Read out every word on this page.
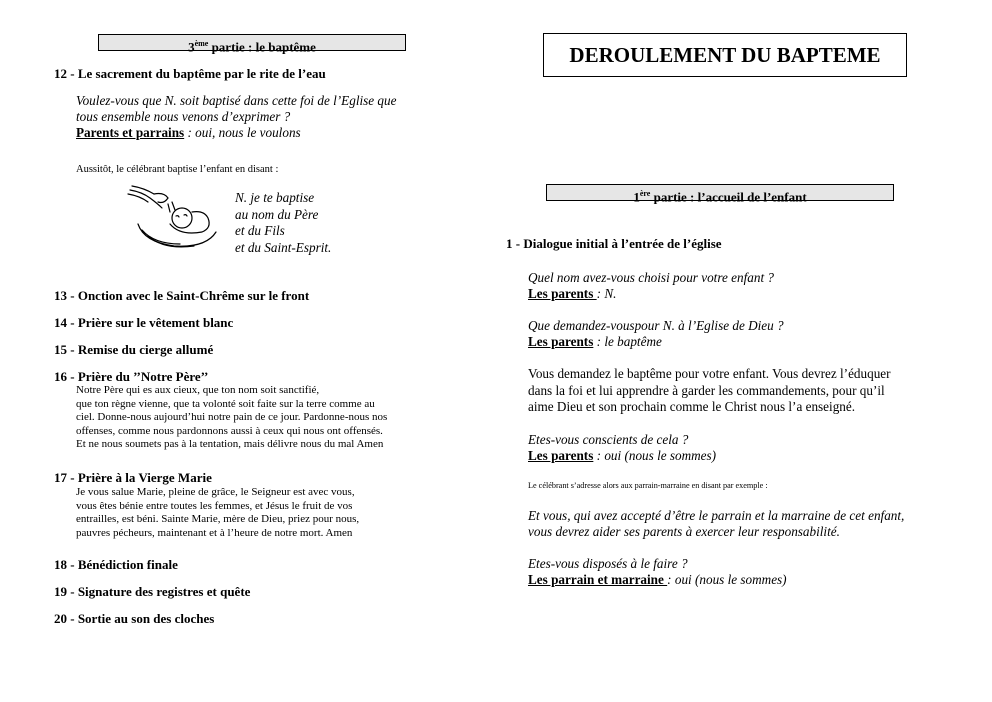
3ème partie : le baptême
12 - Le sacrement du baptême par le rite de l’eau
Voulez-vous que N. soit baptisé dans cette foi de l’Eglise que
tous ensemble nous venons d’exprimer ?
Parents et parrains : oui, nous le voulons
Aussitôt, le célébrant baptise l’enfant en disant :
N. je te baptise
au nom du Père
et du Fils
et du Saint-Esprit.
13 - Onction avec le Saint-Chrême sur le front
14 - Prière sur le vêtement blanc
15 - Remise du cierge allumé
16 - Prière du ’’Notre Père’’
Notre Père qui es aux cieux, que ton nom soit sanctifié,
que ton règne vienne, que ta volonté soit faite sur la terre comme au
ciel. Donne-nous aujourd’hui notre pain de ce jour. Pardonne-nous nos
offenses, comme nous pardonnons aussi à ceux qui nous ont offensés.
Et ne nous soumets pas à la tentation, mais délivre nous du mal Amen
17 - Prière à la Vierge Marie
Je vous salue Marie, pleine de grâce, le Seigneur est avec vous,
vous êtes bénie entre toutes les femmes, et Jésus le fruit de vos
entrailles, est béni. Sainte Marie, mère de Dieu, priez pour nous,
pauvres pécheurs, maintenant et à l’heure de notre mort. Amen
18 - Bénédiction finale
19 - Signature des registres et quête
20 - Sortie au son des cloches
DEROULEMENT DU BAPTEME
1ère partie : l’accueil de l’enfant
1 - Dialogue initial à l’entrée de l’église
Quel nom avez-vous choisi pour votre enfant ?
Les parents : N.
Que demandez-vouspour N. à l’Eglise de Dieu ?
Les parents : le baptême
Vous demandez le baptême pour votre enfant. Vous devrez l’éduquer
dans la foi et lui apprendre à garder les commandements, pour qu’il
aime Dieu et son prochain comme le Christ nous l’a enseigné.
Etes-vous conscients de cela ?
Les parents : oui (nous le sommes)
Le célébrant s’adresse alors aux parrain-marraine en disant par exemple :
Et vous, qui avez accepté d’être le parrain et la marraine de cet enfant,
vous devrez aider ses parents à exercer leur responsabilité.
Etes-vous disposés à le faire ?
Les parrain et marraine : oui (nous le sommes)
